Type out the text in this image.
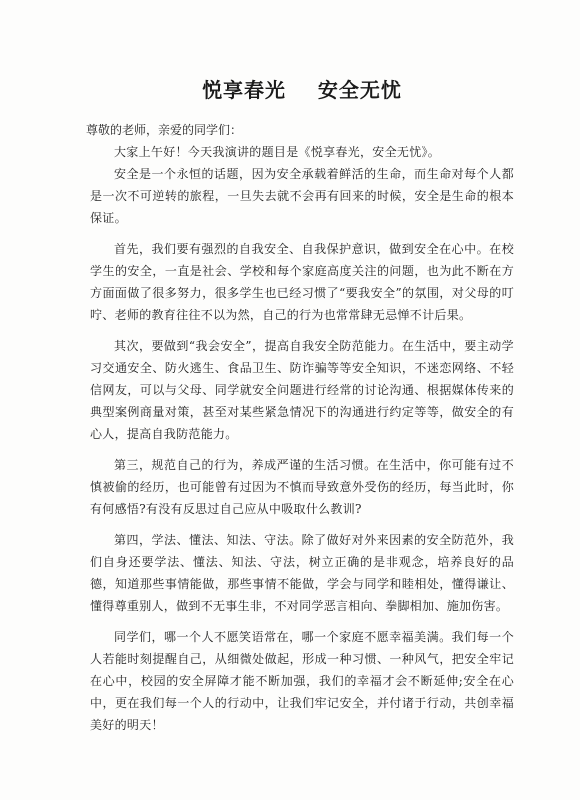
悦享春光    安全无忧
尊敬的老师，亲爱的同学们：

大家上午好！今天我演讲的题目是《悦享春光，安全无忧》。

安全是一个永恒的话题，因为安全承载着鲜活的生命，而生命对每个人都是一次不可逆转的旅程，一旦失去就不会再有回来的时候，安全是生命的根本保证。

首先，我们要有强烈的自我安全、自我保护意识，做到安全在心中。在校学生的安全，一直是社会、学校和每个家庭高度关注的问题，也为此不断在方方面面做了很多努力，很多学生也已经习惯了“要我安全”的氛围，对父母的叮咛、老师的教育往往不以为然，自己的行为也常常肆无忌惮不计后果。

其次，要做到“我会安全”，提高自我安全防范能力。在生活中，要主动学习交通安全、防火逃生、食品卫生、防诈骗等等安全知识，不迷恋网络、不轻信网友，可以与父母、同学就安全问题进行经常的讨论沟通、根据媒体传来的典型案例商量对策，甚至对某些紧急情况下的沟通进行约定等等，做安全的有心人，提高自我防范能力。

第三，规范自己的行为，养成严谨的生活习惯。在生活中，你可能有过不慎被偷的经历，也可能曾有过因为不慎而导致意外受伤的经历，每当此时，你有何感悟?有没有反思过自己应从中吸取什么教训?

第四，学法、懂法、知法、守法。除了做好对外来因素的安全防范外，我们自身还要学法、懂法、知法、守法，树立正确的是非观念，培养良好的品德，知道那些事情能做，那些事情不能做，学会与同学和睦相处，懂得谦让、懂得尊重别人，做到不无事生非，不对同学恶言相向、拳脚相加、施加伤害。

同学们，哪一个人不愿笑语常在，哪一个家庭不愿幸福美满。我们每一个人若能时刻提醒自己，从细微处做起，形成一种习惯、一种风气，把安全牢记在心中，校园的安全屏障才能不断加强，我们的幸福才会不断延伸;安全在心中，更在我们每一个人的行动中，让我们牢记安全，并付诸于行动，共创幸福美好的明天！
